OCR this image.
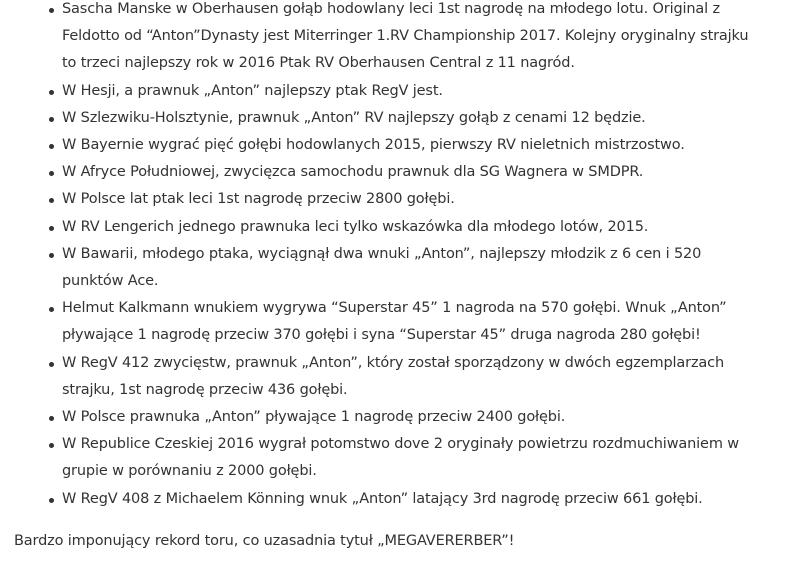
Sascha Manske w Oberhausen gołąb hodowlany leci 1st nagrodę na młodego lotu. Original z Feldotto od “Anton”Dynasty jest Miterringer 1.RV Championship 2017. Kolejny oryginalny strajku to trzeci najlepszy rok w 2016 Ptak RV Oberhausen Central z 11 nagród.
W Hesji, a prawnuk „Anton” najlepszy ptak RegV jest.
W Szlezwiku-Holsztynie, prawnuk „Anton” RV najlepszy gołąb z cenami 12 będzie.
W Bayernie wygrać pięć gołębi hodowlanych 2015, pierwszy RV nieletnich mistrzostwo.
W Afryce Południowej, zwycięzca samochodu prawnuk dla SG Wagnera w SMDPR.
W Polsce lat ptak leci 1st nagrodę przeciw 2800 gołębi.
W RV Lengerich jednego prawnuka leci tylko wskazówka dla młodego lotów, 2015.
W Bawarii, młodego ptaka, wyciągnął dwa wnuki „Anton”, najlepszy młodzik z 6 cen i 520 punktów Ace.
Helmut Kalkmann wnukiem wygrywa “Superstar 45” 1 nagroda na 570 gołębi. Wnuk „Anton” pływające 1 nagrodę przeciw 370 gołębi i syna “Superstar 45” druga nagroda 280 gołębi!
W RegV 412 zwycięstw, prawnuk „Anton”, który został sporządzony w dwóch egzemplarzach strajku, 1st nagrodę przeciw 436 gołębi.
W Polsce prawnuka „Anton” pływające 1 nagrodę przeciw 2400 gołębi.
W Republice Czeskiej 2016 wygrał potomstwo dove 2 oryginały powietrzu rozdmuchiwaniem w grupie w porównaniu z 2000 gołębi.
W RegV 408 z Michaelem Könning wnuk „Anton” latający 3rd nagrodę przeciw 661 gołębi.

Bardzo imponujący rekord toru, co uzasadnia tytuł „MEGAVERERBER”!
